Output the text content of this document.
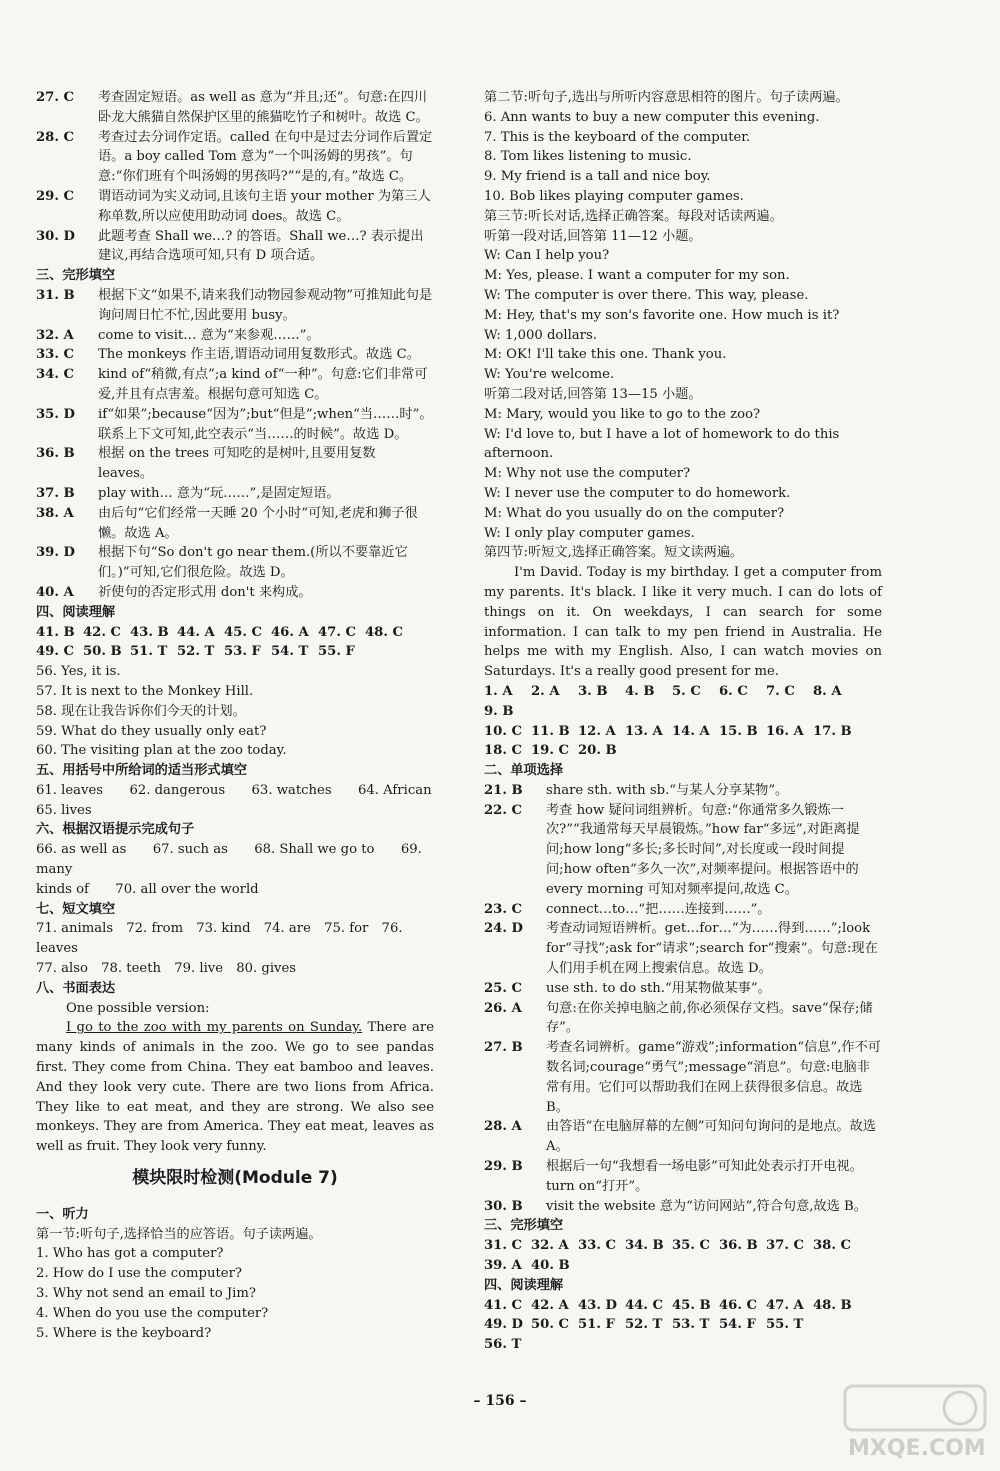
27. C	考查固定短语。as well as 意为“并且;还”。句意:在四川卧龙大熊猫自然保护区里的熊猫吃竹子和树叶。故选 C。

28. C	考查过去分词作定语。called 在句中是过去分词作后置定语。a boy called Tom 意为“一个叫汤姆的男孩”。句意:“你们班有个叫汤姆的男孩吗?”“是的,有。”故选 C。

29. C	谓语动词为实义动词,且该句主语 your mother 为第三人称单数,所以应使用助动词 does。故选 C。

30. D	此题考查 Shall we…? 的答语。Shall we…? 表示提出建议,再结合选项可知,只有 D 项合适。

三、完形填空

31. B	根据下文“如果不,请来我们动物园参观动物”可推知此句是询问周日忙不忙,因此要用 busy。

32. A	come to visit… 意为“来参观……”。

33. C	The monkeys 作主语,谓语动词用复数形式。故选 C。

34. C	kind of“稍微,有点”;a kind of“一种”。句意:它们非常可爱,并且有点害羞。根据句意可知选 C。

35. D	if“如果”;because“因为”;but“但是”;when“当……时”。联系上下文可知,此空表示“当……的时候”。故选 D。

36. B	根据 on the trees 可知吃的是树叶,且要用复数 leaves。

37. B	play with… 意为“玩……”,是固定短语。

38. A	由后句“它们经常一天睡 20 个小时”可知,老虎和狮子很懒。故选 A。

39. D	根据下句“So don't go near them.(所以不要靠近它们。)”可知,它们很危险。故选 D。

40. A	祈使句的否定形式用 don't 来构成。

四、阅读理解

41. B 42. C 43. B 44. A 45. C 46. A 47. C 48. C
49. C 50. B 51. T 52. T 53. F 54. T 55. F

56. Yes, it is.

57. It is next to the Monkey Hill.

58. 现在让我告诉你们今天的计划。

59. What do they usually only eat?

60. The visiting plan at the zoo today.

五、用括号中所给词的适当形式填空

61. leaves　　62. dangerous　　63. watches　　64. African

65. lives

六、根据汉语提示完成句子

66. as well as　　67. such as　　68. Shall we go to　　69. many

kinds of　　70. all over the world

七、短文填空

71. animals　72. from　73. kind　74. are　75. for　76. leaves

77. also　78. teeth　79. live　80. gives

八、书面表达

One possible version:

I go to the zoo with my parents on Sunday. There are many kinds of animals in the zoo. We go to see pandas first. They come from China. They eat bamboo and leaves. And they look very cute. There are two lions from Africa. They like to eat meat, and they are strong. We also see monkeys. They are from America. They eat meat, leaves as well as fruit. They look very funny.

模块限时检测(Module 7)

一、听力

第一节:听句子,选择恰当的应答语。句子读两遍。

1. Who has got a computer?

2. How do I use the computer?

3. Why not send an email to Jim?

4. When do you use the computer?

5. Where is the keyboard?

第二节:听句子,选出与所听内容意思相符的图片。句子读两遍。

6. Ann wants to buy a new computer this evening.

7. This is the keyboard of the computer.

8. Tom likes listening to music.

9. My friend is a tall and nice boy.

10. Bob likes playing computer games.

第三节:听长对话,选择正确答案。每段对话读两遍。

听第一段对话,回答第 11—12 小题。

W: Can I help you?

M: Yes, please. I want a computer for my son.

W: The computer is over there. This way, please.

M: Hey, that's my son's favorite one. How much is it?

W: 1,000 dollars.

M: OK! I'll take this one. Thank you.

W: You're welcome.

听第二段对话,回答第 13—15 小题。

M: Mary, would you like to go to the zoo?

W: I'd love to, but I have a lot of homework to do this afternoon.

M: Why not use the computer?

W: I never use the computer to do homework.

M: What do you usually do on the computer?

W: I only play computer games.

第四节:听短文,选择正确答案。短文读两遍。

I'm David. Today is my birthday. I get a computer from my parents. It's black. I like it very much. I can do lots of things on it. On weekdays, I can search for some information. I can talk to my pen friend in Australia. He helps me with my English. Also, I can watch movies on Saturdays. It's a really good present for me.

1. A	2. A	3. B	4. B	5. C	6. C	7. C	8. A
9. B
10. C 11. B 12. A 13. A 14. A 15. B 16. A 17. B
18. C 19. C 20. B

二、单项选择

21. B	share sth. with sb.“与某人分享某物”。

22. C	考查 how 疑问词组辨析。句意:“你通常多久锻炼一次?”“我通常每天早晨锻炼。”how far“多远”,对距离提问;how long“多长;多长时间”,对长度或一段时间提问;how often“多久一次”,对频率提问。根据答语中的 every morning 可知对频率提问,故选 C。

23. C	connect…to…“把……连接到……”。

24. D	考查动词短语辨析。get…for…“为……得到……”;look for“寻找”;ask for“请求”;search for“搜索”。句意:现在人们用手机在网上搜索信息。故选 D。

25. C	use sth. to do sth.“用某物做某事”。

26. A	句意:在你关掉电脑之前,你必须保存文档。save“保存;储存”。

27. B	考查名词辨析。game“游戏”;information“信息”,作不可数名词;courage“勇气”;message“消息”。句意:电脑非常有用。它们可以帮助我们在网上获得很多信息。故选 B。

28. A	由答语“在电脑屏幕的左侧”可知问句询问的是地点。故选 A。

29. B	根据后一句“我想看一场电影”可知此处表示打开电视。turn on“打开”。

30. B	visit the website 意为“访问网站”,符合句意,故选 B。

三、完形填空

31. C 32. A 33. C 34. B 35. C 36. B 37. C 38. C
39. A 40. B

四、阅读理解

41. C 42. A 43. D 44. C 45. B 46. C 47. A 48. B
49. D 50. C 51. F 52. T 53. T 54. F 55. T
56. T
– 156 –
MXQE.COM
